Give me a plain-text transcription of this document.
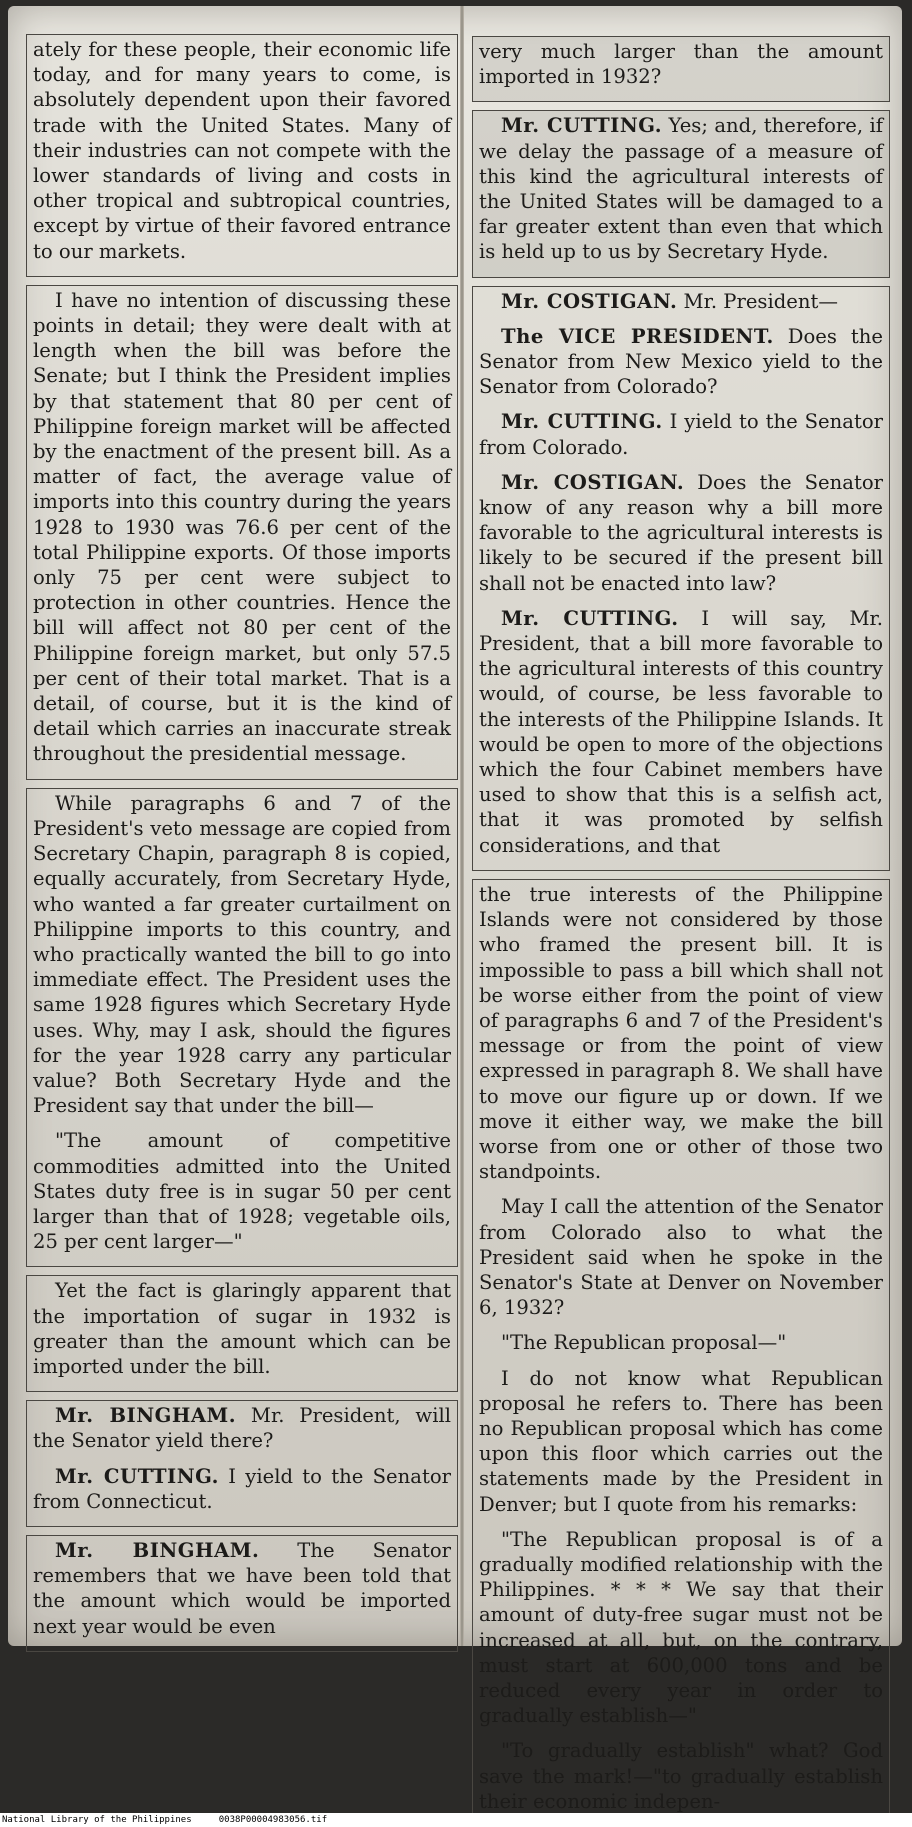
ately for these people, their economic life today, and for many years to come, is absolutely dependent upon their favored trade with the United States. Many of their industries can not compete with the lower standards of living and costs in other tropical and subtropical countries, except by virtue of their favored entrance to our markets.

I have no intention of discussing these points in detail; they were dealt with at length when the bill was before the Senate; but I think the President implies by that statement that 80 per cent of Philippine foreign market will be affected by the enactment of the present bill. As a matter of fact, the average value of imports into this country during the years 1928 to 1930 was 76.6 per cent of the total Philippine exports. Of those imports only 75 per cent were subject to protection in other countries. Hence the bill will affect not 80 per cent of the Philippine foreign market, but only 57.5 per cent of their total market. That is a detail, of course, but it is the kind of detail which carries an inaccurate streak throughout the presidential message.

While paragraphs 6 and 7 of the President's veto message are copied from Secretary Chapin, paragraph 8 is copied, equally accurately, from Secretary Hyde, who wanted a far greater curtailment on Philippine imports to this country, and who practically wanted the bill to go into immediate effect. The President uses the same 1928 figures which Secretary Hyde uses. Why, may I ask, should the figures for the year 1928 carry any particular value? Both Secretary Hyde and the President say that under the bill—

"The amount of competitive commodities admitted into the United States duty free is in sugar 50 per cent larger than that of 1928; vegetable oils, 25 per cent larger—"

Yet the fact is glaringly apparent that the importation of sugar in 1932 is greater than the amount which can be imported under the bill.

Mr. BINGHAM. Mr. President, will the Senator yield there?

Mr. CUTTING. I yield to the Senator from Connecticut.

Mr. BINGHAM. The Senator remembers that we have been told that the amount which would be imported next year would be even

very much larger than the amount imported in 1932?

Mr. CUTTING. Yes; and, therefore, if we delay the passage of a measure of this kind the agricultural interests of the United States will be damaged to a far greater extent than even that which is held up to us by Secretary Hyde.

Mr. COSTIGAN. Mr. President—

The VICE PRESIDENT. Does the Senator from New Mexico yield to the Senator from Colorado?

Mr. CUTTING. I yield to the Senator from Colorado.

Mr. COSTIGAN. Does the Senator know of any reason why a bill more favorable to the agricultural interests is likely to be secured if the present bill shall not be enacted into law?

Mr. CUTTING. I will say, Mr. President, that a bill more favorable to the agricultural interests of this country would, of course, be less favorable to the interests of the Philippine Islands. It would be open to more of the objections which the four Cabinet members have used to show that this is a selfish act, that it was promoted by selfish considerations, and that

the true interests of the Philippine Islands were not considered by those who framed the present bill. It is impossible to pass a bill which shall not be worse either from the point of view of paragraphs 6 and 7 of the President's message or from the point of view expressed in paragraph 8. We shall have to move our figure up or down. If we move it either way, we make the bill worse from one or other of those two standpoints.

May I call the attention of the Senator from Colorado also to what the President said when he spoke in the Senator's State at Denver on November 6, 1932?

"The Republican proposal—"

I do not know what Republican proposal he refers to. There has been no Republican proposal which has come upon this floor which carries out the statements made by the President in Denver; but I quote from his remarks:

"The Republican proposal is of a gradually modified relationship with the Philippines. * * * We say that their amount of duty-free sugar must not be increased at all, but, on the contrary, must start at 600,000 tons and be reduced every year in order to gradually establish—"

"To gradually establish" what? God save the mark!—"to gradually establish their economic indepen-

National Library of the Philippines     0038P0000498305​6.tif
